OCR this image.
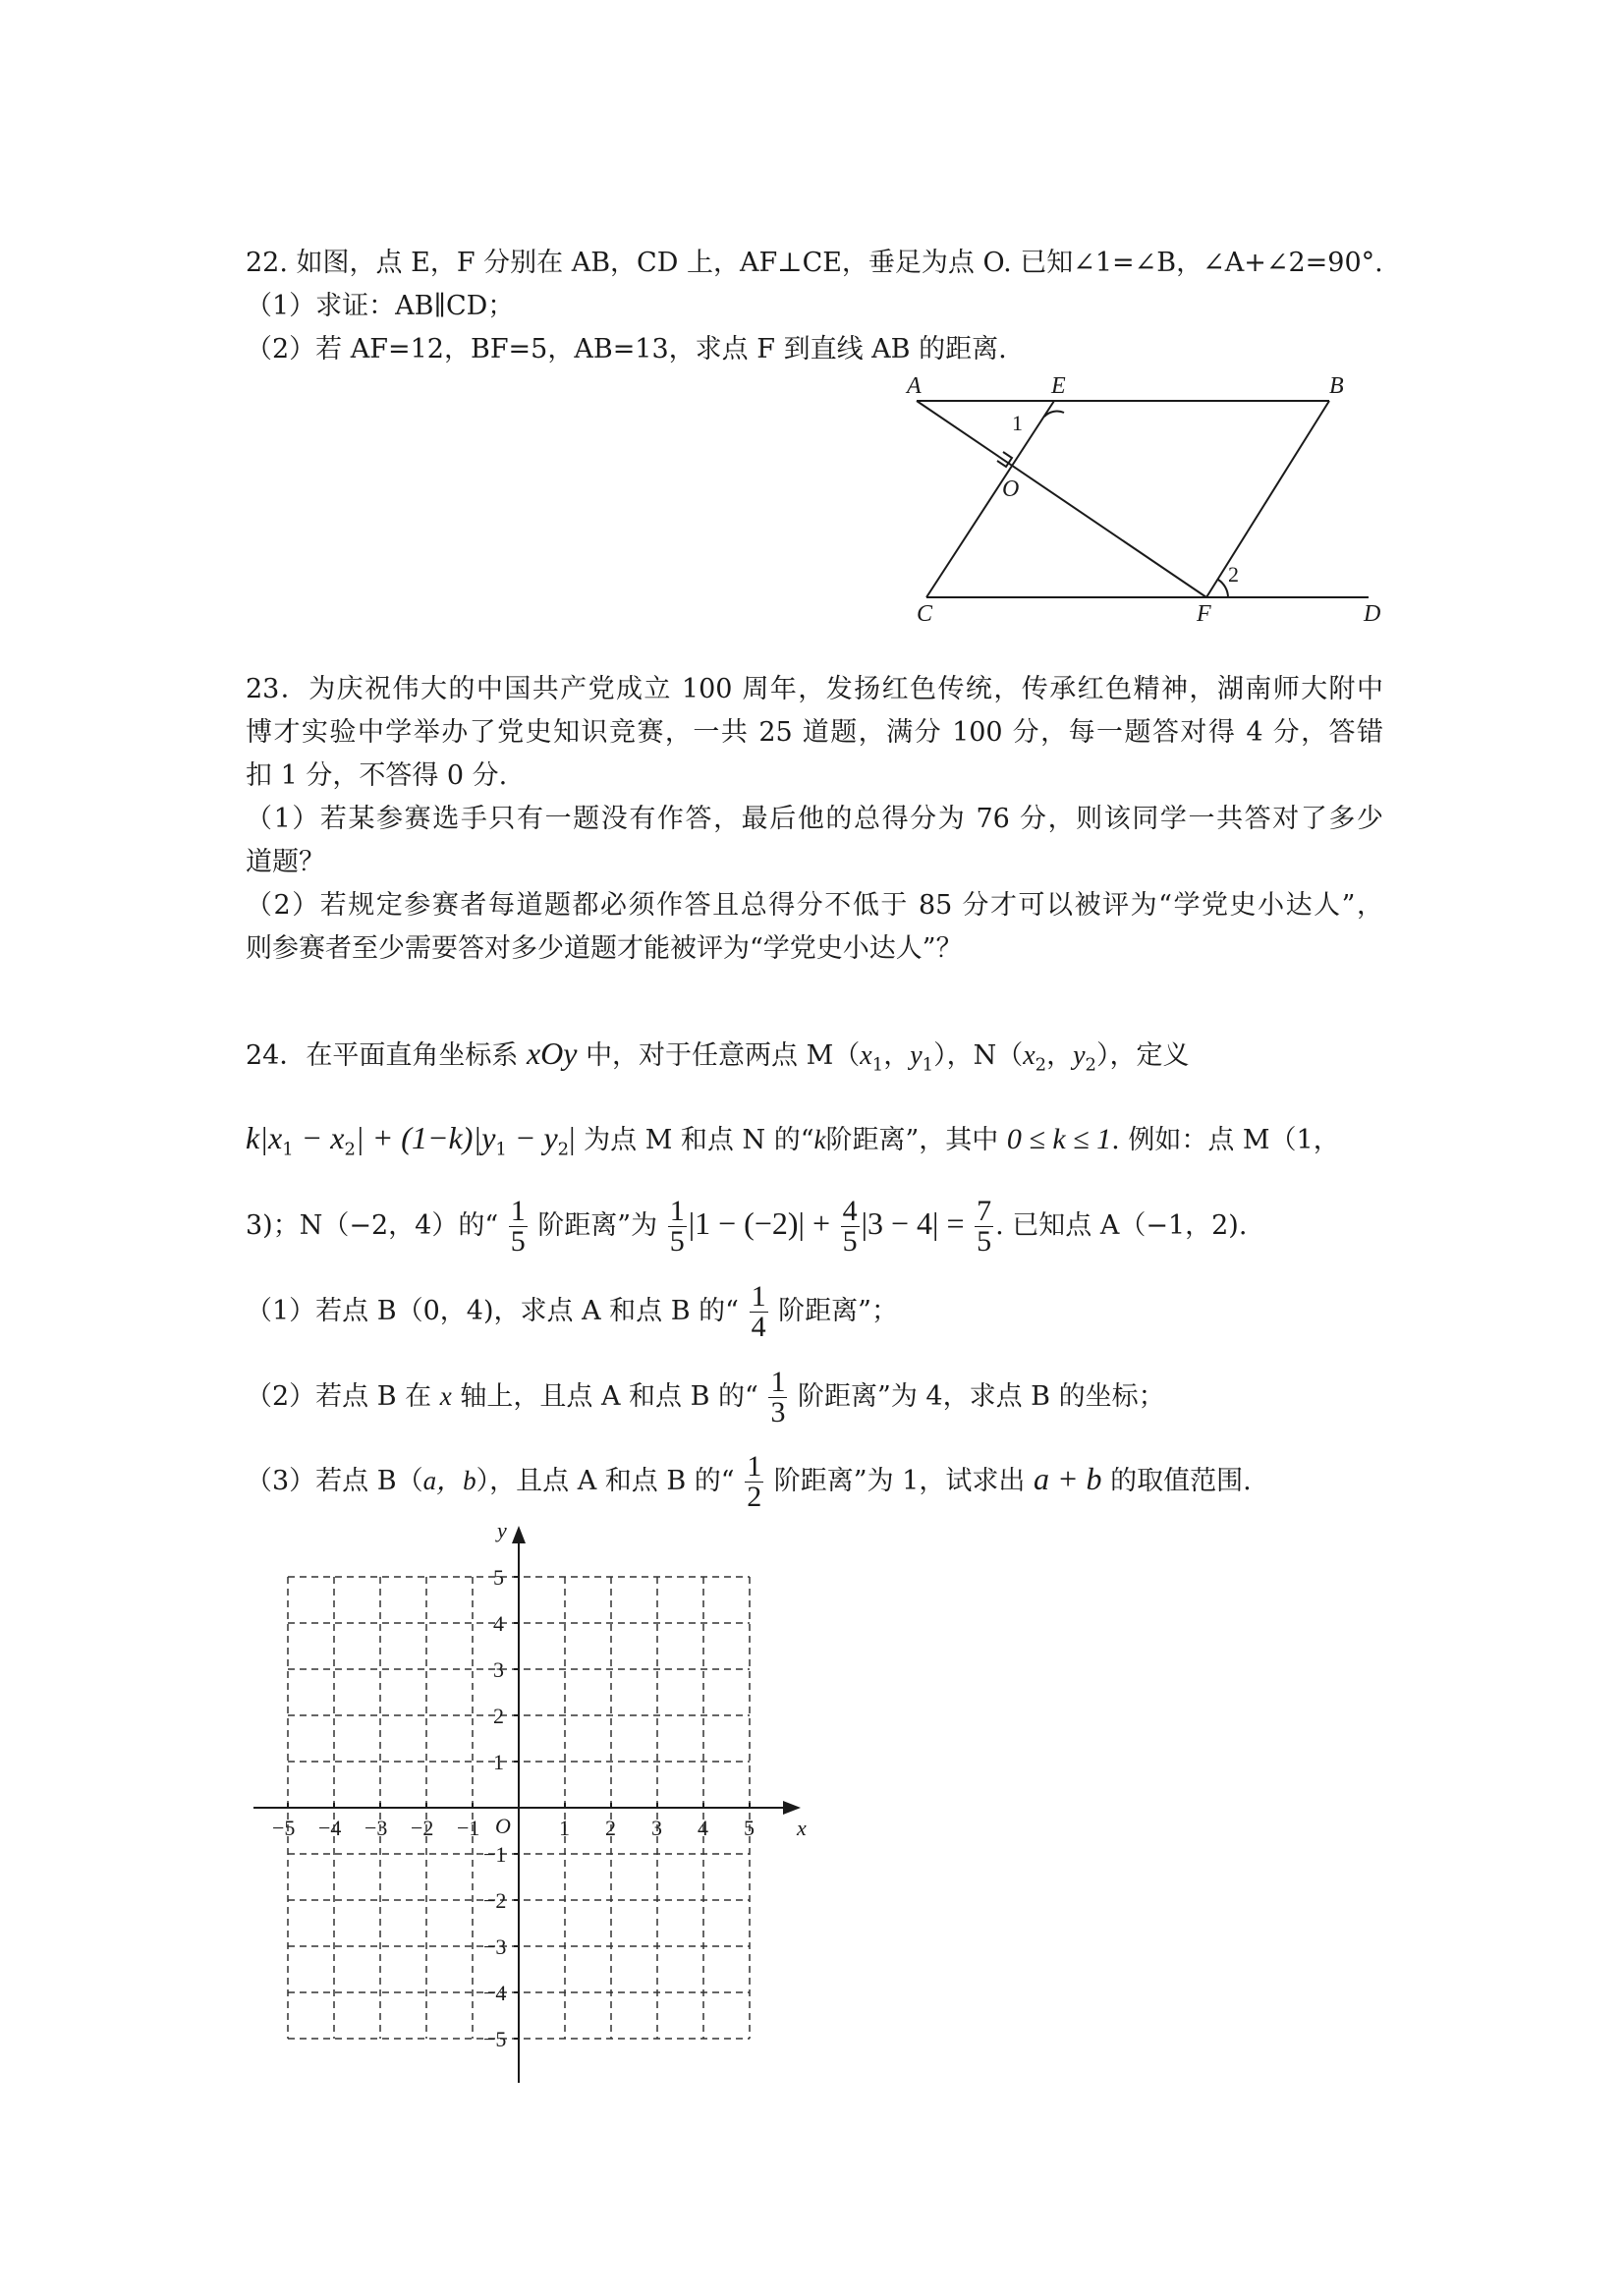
22. 如图，点 E，F 分别在 AB，CD 上，AF⊥CE，垂足为点 O. 已知∠1=∠B，∠A+∠2=90°.
（1）求证：AB∥CD；
（2）若 AF=12，BF=5，AB=13，求点 F 到直线 AB 的距离.
A	E	B
O
C	F	D
1
2
23．为庆祝伟大的中国共产党成立 100 周年，发扬红色传统，传承红色精神，湖南师大附中
博才实验中学举办了党史知识竞赛，一共 25 道题，满分 100 分，每一题答对得 4 分，答错
扣 1 分，不答得 0 分.
（1）若某参赛选手只有一题没有作答，最后他的总得分为 76 分，则该同学一共答对了多少
道题？
（2）若规定参赛者每道题都必须作答且总得分不低于 85 分才可以被评为“学党史小达人”，
则参赛者至少需要答对多少道题才能被评为“学党史小达人”？
24．在平面直角坐标系 xOy 中，对于任意两点 $M(x_1$，$y_1$），$N(x_2$，$y_2$），定义
$k|x_1 - x_2| + (1-k)|y_1 - y_2|$ 为点 M 和点 N 的“k阶距离”，其中 0 ≤ k ≤ 1. 例如：点 M（1，
3)；N（−2，4）的“ $\frac{1}{5}$ 阶距离”为 $\frac{1}{5} |1 - (-2)| + \frac{4}{5} |3 - 4| = \frac{7}{5}$ . 已知点 A（−1，2).
（1）若点 B（0，4)，求点 A 和点 B 的“ $\frac{1}{4}$ 阶距离”；
（2）若点 B 在 x 轴上，且点 A 和点 B 的“ $\frac{1}{3}$ 阶距离”为 4，求点 B 的坐标；
（3）若点 B（a，b），且点 A 和点 B 的“ $\frac{1}{2}$ 阶距离”为 1，试求出 a + b 的取值范围.
−5 −4 −3 −2 −1	1 2 3 4 5
5
4
3
2
1
−1
−2
−3
−4
−5
x
y
O
